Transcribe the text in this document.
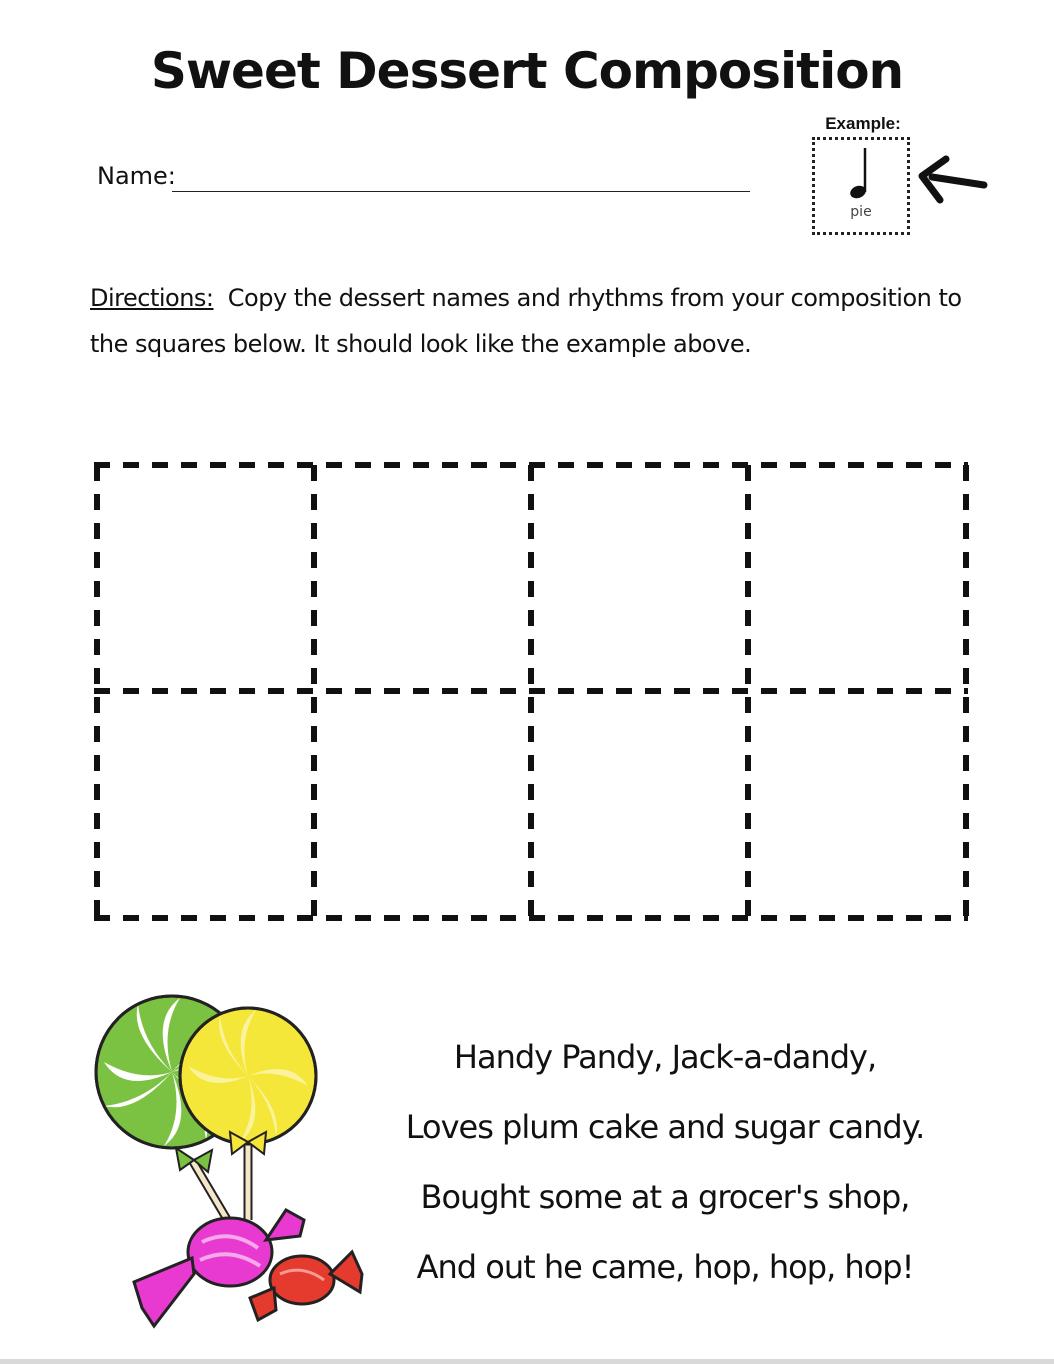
Sweet Dessert Composition
Name:
Example:
pie
Directions: Copy the dessert names and rhythms from your composition to the squares below. It should look like the example above.
Handy Pandy, Jack-a-dandy,
Loves plum cake and sugar candy.
Bought some at a grocer's shop,
And out he came, hop, hop, hop!
